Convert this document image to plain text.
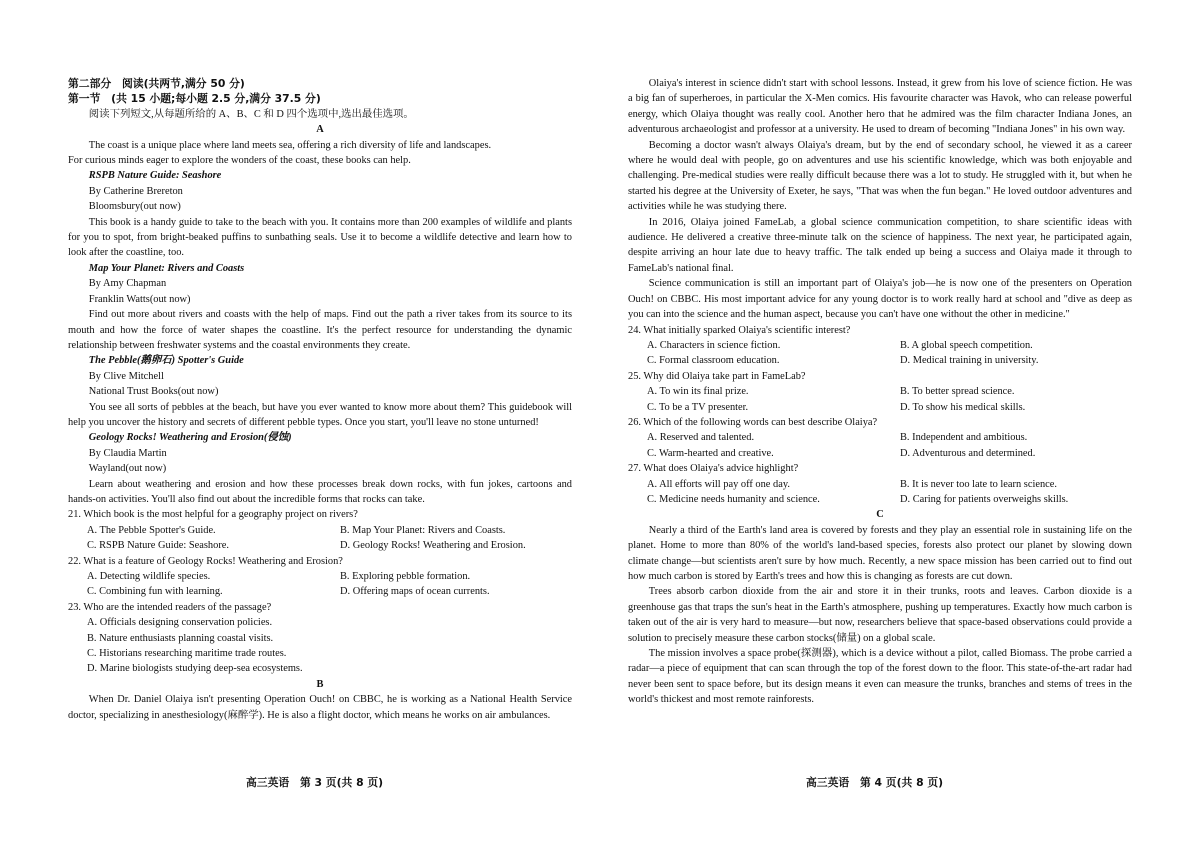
第二部分　阅读(共两节,满分 50 分)

第一节　(共 15 小题;每小题 2.5 分,满分 37.5 分)

阅读下列短文,从每题所给的 A、B、C 和 D 四个选项中,选出最佳选项。

A

The coast is a unique place where land meets sea, offering a rich diversity of life and landscapes.

For curious minds eager to explore the wonders of the coast, these books can help.

RSPB Nature Guide: Seashore

By Catherine Brereton

Bloomsbury(out now)

This book is a handy guide to take to the beach with you. It contains more than 200 examples of wildlife and plants for you to spot, from bright-beaked puffins to sunbathing seals. Use it to become a wildlife detective and learn how to look after the coastline, too.

Map Your Planet: Rivers and Coasts

By Amy Chapman

Franklin Watts(out now)

Find out more about rivers and coasts with the help of maps. Find out the path a river takes from its source to its mouth and how the force of water shapes the coastline. It's the perfect resource for understanding the dynamic relationship between freshwater systems and the coastal environments they create.

The Pebble(鹅卵石) Spotter's Guide

By Clive Mitchell

National Trust Books(out now)

You see all sorts of pebbles at the beach, but have you ever wanted to know more about them? This guidebook will help you uncover the history and secrets of different pebble types. Once you start, you'll leave no stone unturned!

Geology Rocks! Weathering and Erosion(侵蚀)

By Claudia Martin

Wayland(out now)

Learn about weathering and erosion and how these processes break down rocks, with fun jokes, cartoons and hands-on activities. You'll also find out about the incredible forms that rocks can take.

21. Which book is the most helpful for a geography project on rivers?

A. The Pebble Spotter's Guide.	B. Map Your Planet: Rivers and Coasts.
C. RSPB Nature Guide: Seashore.	D. Geology Rocks! Weathering and Erosion.

22. What is a feature of Geology Rocks! Weathering and Erosion?

A. Detecting wildlife species.	B. Exploring pebble formation.
C. Combining fun with learning.	D. Offering maps of ocean currents.

23. Who are the intended readers of the passage?

A. Officials designing conservation policies.
B. Nature enthusiasts planning coastal visits.
C. Historians researching maritime trade routes.
D. Marine biologists studying deep-sea ecosystems.

B

When Dr. Daniel Olaiya isn't presenting Operation Ouch! on CBBC, he is working as a National Health Service doctor, specializing in anesthesiology(麻醉学). He is also a flight doctor, which means he works on air ambulances.

Olaiya's interest in science didn't start with school lessons. Instead, it grew from his love of science fiction. He was a big fan of superheroes, in particular the X-Men comics. His favourite character was Havok, who can release powerful energy, which Olaiya thought was really cool. Another hero that he admired was the film character Indiana Jones, an adventurous archaeologist and professor at a university. He used to dream of becoming "Indiana Jones" in his own way.

Becoming a doctor wasn't always Olaiya's dream, but by the end of secondary school, he viewed it as a career where he would deal with people, go on adventures and use his scientific knowledge, which was both enjoyable and challenging. Pre-medical studies were really difficult because there was a lot to study. He struggled with it, but when he started his degree at the University of Exeter, he says, "That was when the fun began." He loved outdoor adventures and activities while he was studying there.

In 2016, Olaiya joined FameLab, a global science communication competition, to share scientific ideas with audience. He delivered a creative three-minute talk on the science of happiness. The next year, he participated again, despite arriving an hour late due to heavy traffic. The talk ended up being a success and Olaiya made it through to FameLab's national final.

Science communication is still an important part of Olaiya's job—he is now one of the presenters on Operation Ouch! on CBBC. His most important advice for any young doctor is to work really hard at school and "dive as deep as you can into the science and the human aspect, because you can't have one without the other in medicine."

24. What initially sparked Olaiya's scientific interest?

A. Characters in science fiction.	B. A global speech competition.
C. Formal classroom education.	D. Medical training in university.

25. Why did Olaiya take part in FameLab?

A. To win its final prize.	B. To better spread science.
C. To be a TV presenter.	D. To show his medical skills.

26. Which of the following words can best describe Olaiya?

A. Reserved and talented.	B. Independent and ambitious.
C. Warm-hearted and creative.	D. Adventurous and determined.

27. What does Olaiya's advice highlight?

A. All efforts will pay off one day.	B. It is never too late to learn science.
C. Medicine needs humanity and science.	D. Caring for patients overweighs skills.

C

Nearly a third of the Earth's land area is covered by forests and they play an essential role in sustaining life on the planet. Home to more than 80% of the world's land-based species, forests also protect our planet by slowing down climate change—but scientists aren't sure by how much. Recently, a new space mission has been carried out to find out how much carbon is stored by Earth's trees and how this is changing as forests are cut down.

Trees absorb carbon dioxide from the air and store it in their trunks, roots and leaves. Carbon dioxide is a greenhouse gas that traps the sun's heat in the Earth's atmosphere, pushing up temperatures. Exactly how much carbon is taken out of the air is very hard to measure—but now, researchers believe that space-based observations could provide a solution to precisely measure these carbon stocks(储量) on a global scale.

The mission involves a space probe(探测器), which is a device without a pilot, called Biomass. The probe carried a radar—a piece of equipment that can scan through the top of the forest down to the floor. This state-of-the-art radar had never been sent to space before, but its design means it even can measure the trunks, branches and stems of trees in the world's thickest and most remote rainforests.

高三英语　第 3 页(共 8 页)	高三英语　第 4 页(共 8 页)
